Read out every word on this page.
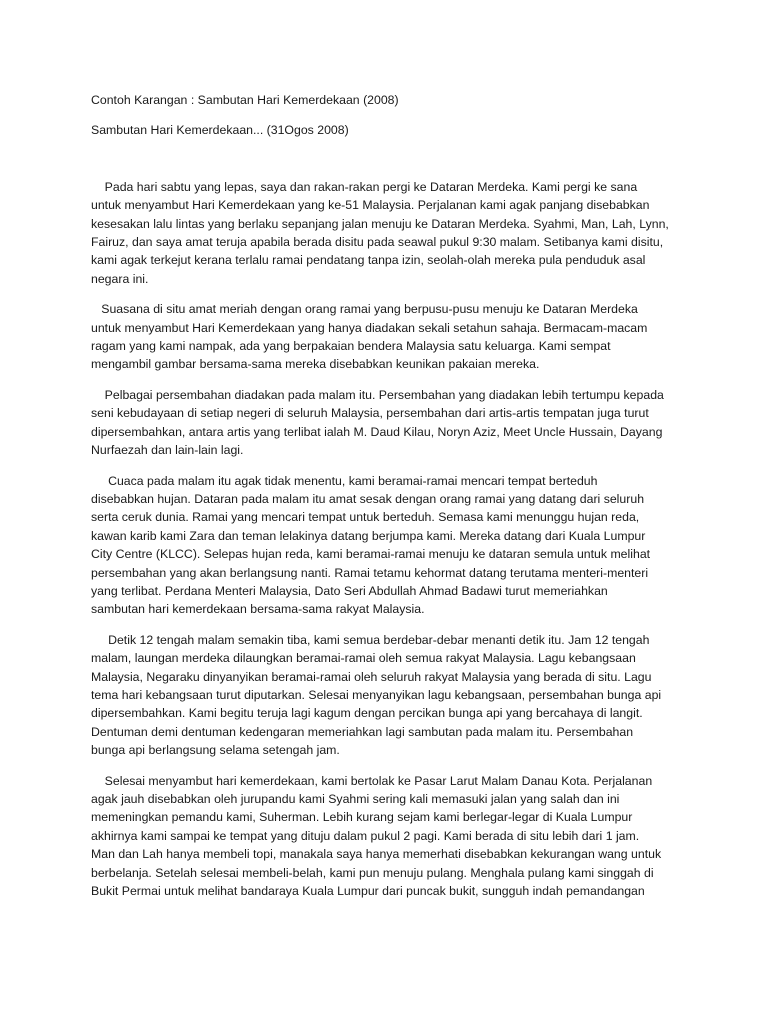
Contoh Karangan : Sambutan Hari Kemerdekaan (2008)

Sambutan Hari Kemerdekaan... (31Ogos 2008)

Pada hari sabtu yang lepas, saya dan rakan-rakan pergi ke Dataran Merdeka. Kami pergi ke sana
untuk menyambut Hari Kemerdekaan yang ke-51 Malaysia. Perjalanan kami agak panjang disebabkan
kesesakan lalu lintas yang berlaku sepanjang jalan menuju ke Dataran Merdeka. Syahmi, Man, Lah, Lynn,
Fairuz, dan saya amat teruja apabila berada disitu pada seawal pukul 9:30 malam. Setibanya kami disitu,
kami agak terkejut kerana terlalu ramai pendatang tanpa izin, seolah-olah mereka pula penduduk asal
negara ini.

Suasana di situ amat meriah dengan orang ramai yang berpusu-pusu menuju ke Dataran Merdeka
untuk menyambut Hari Kemerdekaan yang hanya diadakan sekali setahun sahaja. Bermacam-macam
ragam yang kami nampak, ada yang berpakaian bendera Malaysia satu keluarga. Kami sempat
mengambil gambar bersama-sama mereka disebabkan keunikan pakaian mereka.

Pelbagai persembahan diadakan pada malam itu. Persembahan yang diadakan lebih tertumpu kepada
seni kebudayaan di setiap negeri di seluruh Malaysia, persembahan dari artis-artis tempatan juga turut
dipersembahkan, antara artis yang terlibat ialah M. Daud Kilau, Noryn Aziz, Meet Uncle Hussain, Dayang
Nurfaezah dan lain-lain lagi.

Cuaca pada malam itu agak tidak menentu, kami beramai-ramai mencari tempat berteduh
disebabkan hujan. Dataran pada malam itu amat sesak dengan orang ramai yang datang dari seluruh
serta ceruk dunia. Ramai yang mencari tempat untuk berteduh. Semasa kami menunggu hujan reda,
kawan karib kami Zara dan teman lelakinya datang berjumpa kami. Mereka datang dari Kuala Lumpur
City Centre (KLCC). Selepas hujan reda, kami beramai-ramai menuju ke dataran semula untuk melihat
persembahan yang akan berlangsung nanti. Ramai tetamu kehormat datang terutama menteri-menteri
yang terlibat. Perdana Menteri Malaysia, Dato Seri Abdullah Ahmad Badawi turut memeriahkan
sambutan hari kemerdekaan bersama-sama rakyat Malaysia.

Detik 12 tengah malam semakin tiba, kami semua berdebar-debar menanti detik itu. Jam 12 tengah
malam, laungan merdeka dilaungkan beramai-ramai oleh semua rakyat Malaysia. Lagu kebangsaan
Malaysia, Negaraku dinyanyikan beramai-ramai oleh seluruh rakyat Malaysia yang berada di situ. Lagu
tema hari kebangsaan turut diputarkan. Selesai menyanyikan lagu kebangsaan, persembahan bunga api
dipersembahkan. Kami begitu teruja lagi kagum dengan percikan bunga api yang bercahaya di langit.
Dentuman demi dentuman kedengaran memeriahkan lagi sambutan pada malam itu. Persembahan
bunga api berlangsung selama setengah jam.

Selesai menyambut hari kemerdekaan, kami bertolak ke Pasar Larut Malam Danau Kota. Perjalanan
agak jauh disebabkan oleh jurupandu kami Syahmi sering kali memasuki jalan yang salah dan ini
memeningkan pemandu kami, Suherman. Lebih kurang sejam kami berlegar-legar di Kuala Lumpur
akhirnya kami sampai ke tempat yang dituju dalam pukul 2 pagi. Kami berada di situ lebih dari 1 jam.
Man dan Lah hanya membeli topi, manakala saya hanya memerhati disebabkan kekurangan wang untuk
berbelanja. Setelah selesai membeli-belah, kami pun menuju pulang. Menghala pulang kami singgah di
Bukit Permai untuk melihat bandaraya Kuala Lumpur dari puncak bukit, sungguh indah pemandangan
